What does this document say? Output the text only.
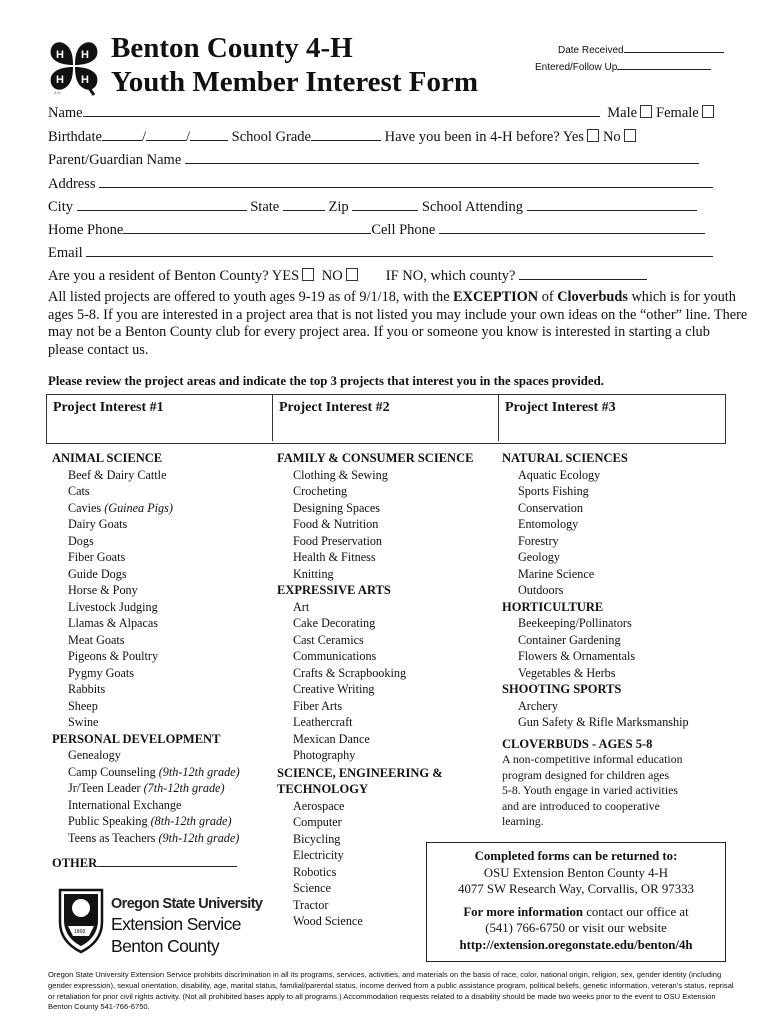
H H
H H
4-H
Benton County 4-H
Youth Member Interest Form
Date Received
Entered/Follow Up
Name	Male Female
Birthdate	/	/	School Grade	Have you been in 4-H before? Yes No
Parent/Guardian Name
Address
City	State	Zip	School Attending
Home Phone	Cell Phone
Email
Are you a resident of Benton County? YES NO	IF NO, which county?
All listed projects are offered to youth ages 9-19 as of 9/1/18, with the EXCEPTION of Cloverbuds which is for youth ages 5-8. If you are interested in a project area that is not listed you may include your own ideas on the “other” line. There may not be a Benton County club for every project area. If you or someone you know is interested in starting a club please contact us.
Please review the project areas and indicate the top 3 projects that interest you in the spaces provided.
Project Interest #1	Project Interest #2	Project Interest #3
ANIMAL SCIENCE
Beef & Dairy Cattle
Cats
Cavies (Guinea Pigs)
Dairy Goats
Dogs
Fiber Goats
Guide Dogs
Horse & Pony
Livestock Judging
Llamas & Alpacas
Meat Goats
Pigeons & Poultry
Pygmy Goats
Rabbits
Sheep
Swine
PERSONAL DEVELOPMENT
Genealogy
Camp Counseling (9th-12th grade)
Jr/Teen Leader (7th-12th grade)
International Exchange
Public Speaking (8th-12th grade)
Teens as Teachers (9th-12th grade)
OTHER
FAMILY & CONSUMER SCIENCE
Clothing & Sewing
Crocheting
Designing Spaces
Food & Nutrition
Food Preservation
Health & Fitness
Knitting
EXPRESSIVE ARTS
Art
Cake Decorating
Cast Ceramics
Communications
Crafts & Scrapbooking
Creative Writing
Fiber Arts
Leathercraft
Mexican Dance
Photography
SCIENCE, ENGINEERING &
TECHNOLOGY
Aerospace
Computer
Bicycling
Electricity
Robotics
Science
Tractor
Wood Science
NATURAL SCIENCES
Aquatic Ecology
Sports Fishing
Conservation
Entomology
Forestry
Geology
Marine Science
Outdoors
HORTICULTURE
Beekeeping/Pollinators
Container Gardening
Flowers & Ornamentals
Vegetables & Herbs
SHOOTING SPORTS
Archery
Gun Safety & Rifle Marksmanship
CLOVERBUDS - AGES 5-8
A non-competitive informal education
program designed for children ages
5-8. Youth engage in varied activities
and are introduced to cooperative
learning.
1868
Oregon State University
Extension Service
Benton County
Completed forms can be returned to:
OSU Extension Benton County 4-H
4077 SW Research Way, Corvallis, OR 97333
For more information contact our office at
(541) 766-6750 or visit our website
http://extension.oregonstate.edu/benton/4h
Oregon State University Extension Service prohibits discrimination in all its programs, services, activities, and materials on the basis of race, color, national origin, religion, sex, gender identity (including gender expression), sexual orientation, disability, age, marital status, familial/parental status, income derived from a public assistance program, political beliefs, genetic information, veteran’s status, reprisal or retaliation for prior civil rights activity. (Not all prohibited bases apply to all programs.) Accommodation requests related to a disability should be made two weeks prior to the event to OSU Extension Benton County 541-766-6750.
